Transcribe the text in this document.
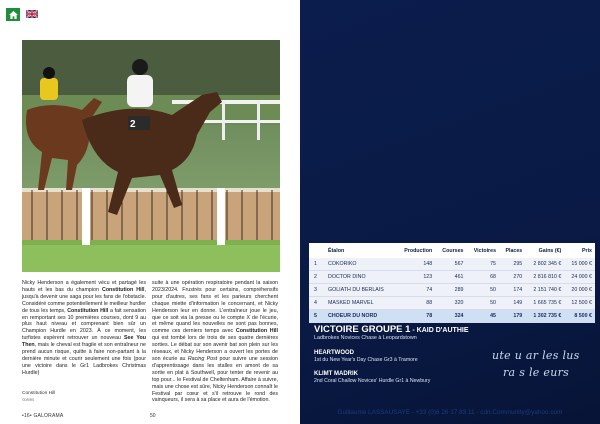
2
Nicky Henderson a également vécu et partagé les hauts et les bas du champion Constitution Hill, jusqu'à devenir une saga pour les fans de l'obstacle. Considéré comme potentiellement le meilleur hurdler de tous les temps, Constitution Hill a fait sensation en remportant ses 10 premières courses, dont 9 au plus haut niveau et comprenant bien sûr un Champion Hurdle en 2023. À ce moment, les turfistes espèrent retrouver un nouveau See You Then, mais le cheval est fragile et son entraîneur ne prend aucun risque, quitte à faire non-partant à la dernière minute et courir seulement une fois (pour une victoire dans le Gr1 Ladbrokes Christmas Hurdle)
suite à une opération respiratoire pendant la saison 2023/2024. Frustrés pour certains, compréhensifs pour d'autres, ses fans et les parieurs cherchent chaque miette d'information le concernant, et Nicky Henderson leur en donne. L'entraîneur joue le jeu, que ce soit via la presse ou le compte X de l'écurie, et même quand les nouvelles ne sont pas bonnes, comme ces derniers temps avec Constitution Hill qui est tombé lors de trois de ses quatre dernières sorties. Le débat sur son avenir bat son plein sur les réseaux, et Nicky Henderson a ouvert les portes de son écurie au Racing Post pour suivre une session d'apprentissage dans les stalles en amont de sa sortie en plat à Southwell, pour tenter de revenir au top pour... le Festival de Cheltenham. Affaire à suivre, mais une chose est sûre, Nicky Henderson connaît le Festival par cœur et s'il retrouve le rond des vainqueurs, il sera à sa place et aura de l'émotion.
Constitution Hill
©DR/RS
•16• GALORAMA	50
	Étalon	Production	Courses	Victoires	Places	Gains (€)	Prix
1	COKORIKO	148	567	75	295	2 802 345 €	15 000 €
2	DOCTOR DINO	123	461	68	270	2 816 810 €	24 000 €
3	GOLIATH DU BERLAIS	74	289	50	174	2 151 740 €	20 000 €
4	MASKED MARVEL	88	320	50	149	1 665 735 €	12 500 €
5	CHOEUR DU NORD	78	324	45	179	1 302 735 €	8 500 €
VICTOIRE GROUPE 1 - KAID D'AUTHIE
Ladbrokes Novices Chase à Leopardstown
HEARTWOOD
1st du New Year's Day Chase Gr3 à Tramore
KLIMT MADRIK
2nd Coral Challow Novices' Hurdle Gr1 à Newbury
ute u ar les lus
ra s le eurs
Guillaume LASSAUSAYE - +33 (0)6 26 17 83 11 - cdn.Community@yahoo.com
